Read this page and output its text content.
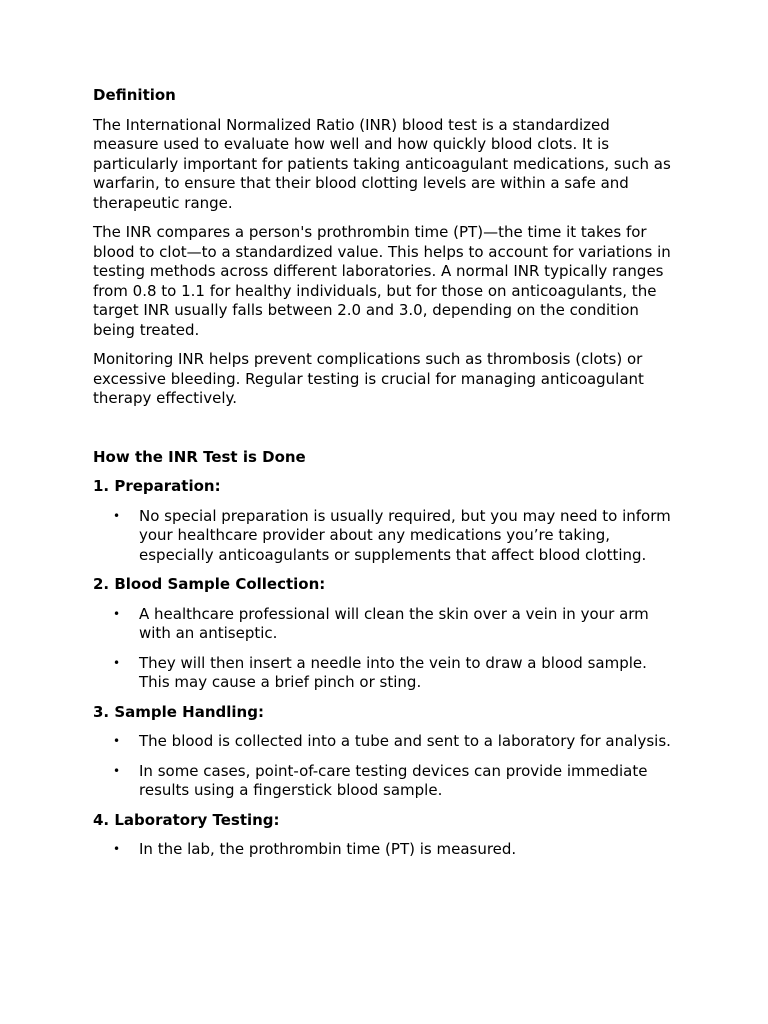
Definition

The International Normalized Ratio (INR) blood test is a standardized measure used to evaluate how well and how quickly blood clots. It is particularly important for patients taking anticoagulant medications, such as warfarin, to ensure that their blood clotting levels are within a safe and therapeutic range.

The INR compares a person's prothrombin time (PT)—the time it takes for blood to clot—to a standardized value. This helps to account for variations in testing methods across different laboratories. A normal INR typically ranges from 0.8 to 1.1 for healthy individuals, but for those on anticoagulants, the target INR usually falls between 2.0 and 3.0, depending on the condition being treated.

Monitoring INR helps prevent complications such as thrombosis (clots) or excessive bleeding. Regular testing is crucial for managing anticoagulant therapy effectively.

How the INR Test is Done
1. Preparation:
• No special preparation is usually required, but you may need to inform your healthcare provider about any medications you’re taking, especially anticoagulants or supplements that affect blood clotting.
2. Blood Sample Collection:
• A healthcare professional will clean the skin over a vein in your arm with an antiseptic.
• They will then insert a needle into the vein to draw a blood sample. This may cause a brief pinch or sting.
3. Sample Handling:
• The blood is collected into a tube and sent to a laboratory for analysis.
• In some cases, point-of-care testing devices can provide immediate results using a fingerstick blood sample.
4. Laboratory Testing:
• In the lab, the prothrombin time (PT) is measured.
